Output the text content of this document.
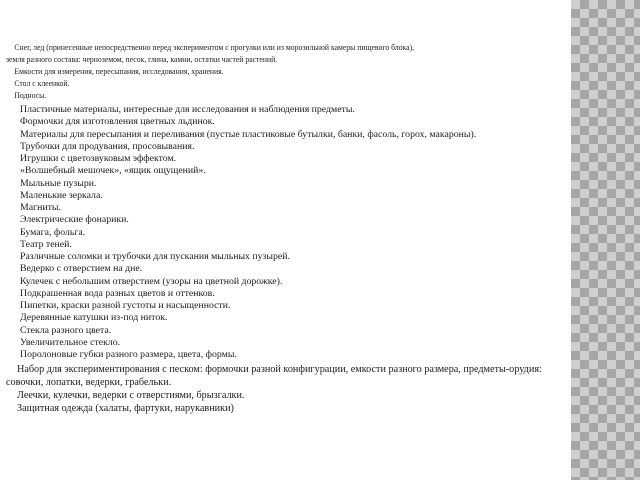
Снег, лед (принесенные непосредственно перед экспериментом с прогулки или из морозильной камеры пищевого блока),
земля разного состава: черноземом, песок, глина, камни, остатки частей растений.
Емкости для измерения, пересыпания, исследования, хранения.
Стол с клеенкой.
Подносы.
Пластичные материалы, интересные для исследования и наблюдения предметы.
Формочки для изготовления цветных льдинок.
Материалы для пересыпания и переливания (пустые пластиковые бутылки, банки, фасоль, горох, макароны).
Трубочки для продувания, просовывания.
Игрушки с цветозвуковым эффектом.
«Волшебный мешочек», «ящик ощущений».
Мыльные пузыри.
Маленькие зеркала.
Магниты.
Электрические фонарики.
Бумага, фольга.
Театр теней.
Различные соломки и трубочки для пускания мыльных пузырей.
Ведерко с отверстием на дне.
Кулечек с небольшим отверстием (узоры на цветной дорожке).
Подкрашенная вода разных цветов и оттенков.
Пипетки, краски разной густоты и насыщенности.
Деревянные катушки из-под ниток.
Стекла разного цвета.
Увеличительное стекло.
Поролоновые губки разного размера, цвета, формы.
Набор для экспериментирования с песком: формочки разной конфигурации, емкости разного размера, предметы-орудия: совочки, лопатки, ведерки, грабельки.
Леечки, кулечки, ведерки с отверстиями, брызгалки.
Защитная одежда (халаты, фартуки, нарукавники)
